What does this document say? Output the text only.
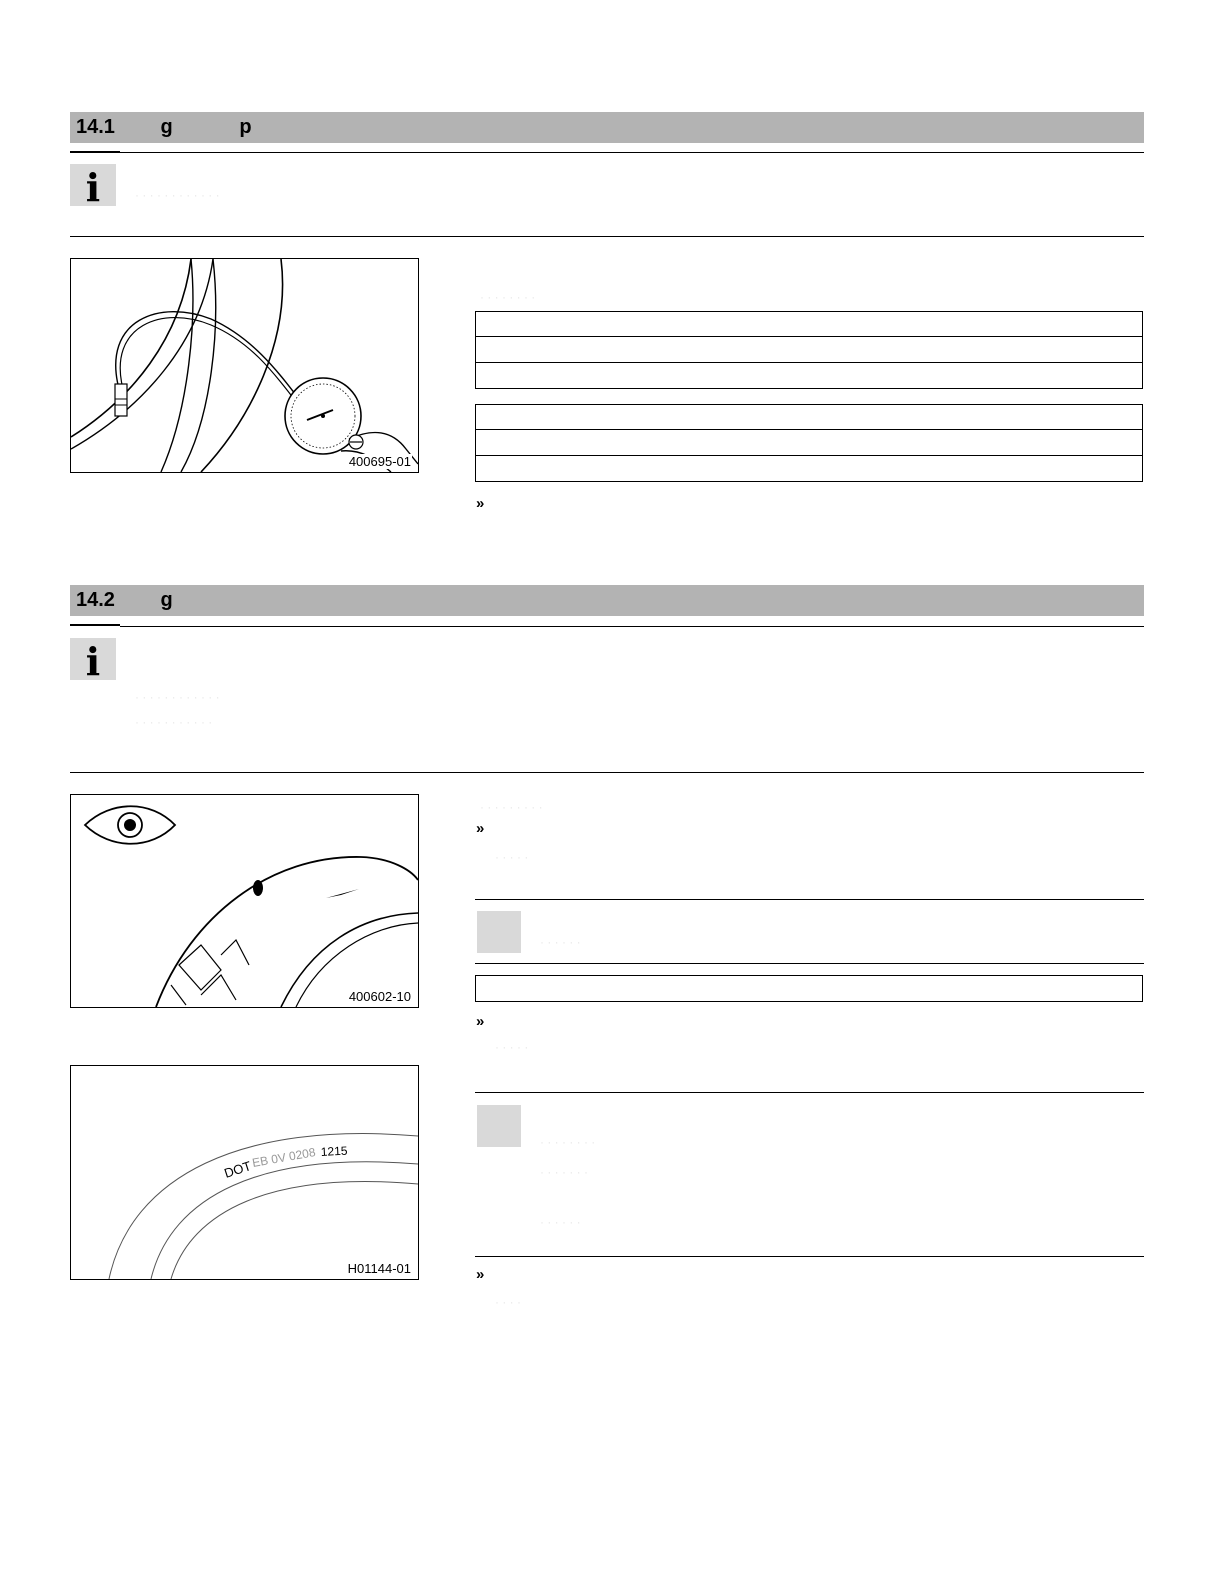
14.1 g            p
i	· · · · · · · · · · · ·
400695-01
· · · · · · · ·
»
14.2 g
i
· · · · · · · · · · · ·
· · · · · · · · · · ·
400602-10
· · · · · · · · ·
»
· · · · ·
· · · · · ·
»
· · · · ·
DOT
EB 0V 0208 1215
H01144-01
· · · · · · · ·
· · · · · · ·
· · · · · ·
»
· · · ·
